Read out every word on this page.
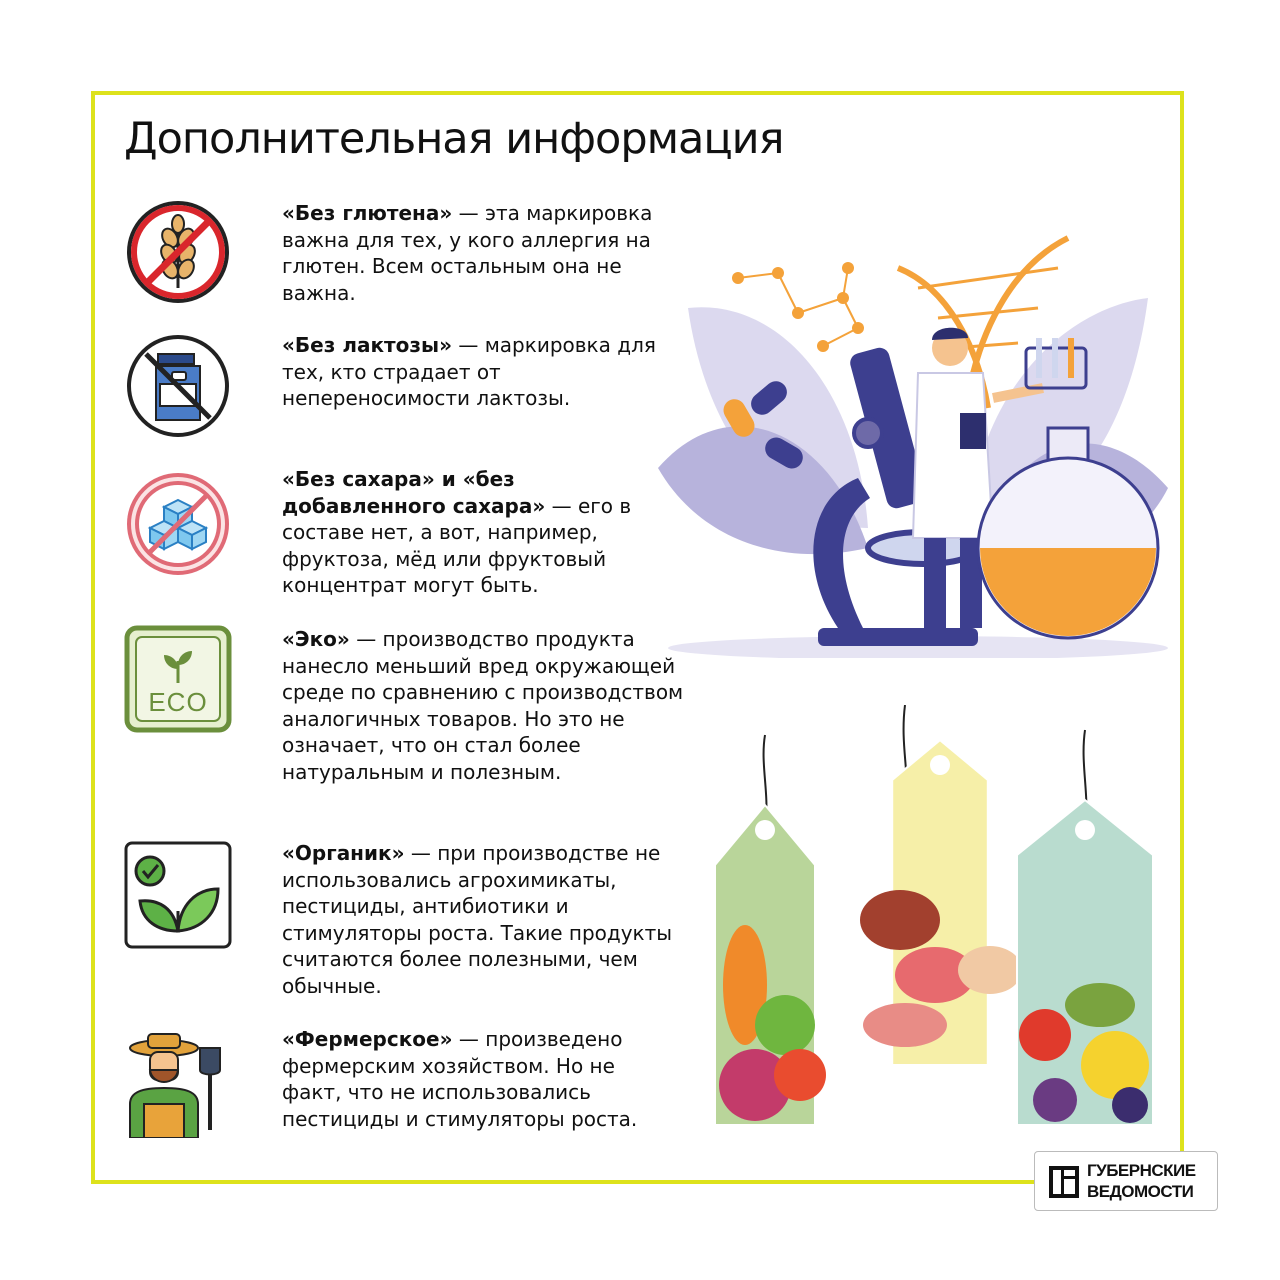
Дополнительная информация
ECO
«Без глютена» — эта маркировка важна для тех, у кого аллергия на глютен. Всем остальным она не важна.
«Без лактозы» — маркировка для тех, кто страдает от непереносимости лактозы.
«Без сахара» и «без добавленного сахара» — его в составе нет, а вот, например, фруктоза, мёд или фруктовый концентрат могут быть.
«Эко» — производство продукта нанесло меньший вред окружающей среде по сравнению с производством аналогичных товаров. Но это не означает, что он стал более натуральным и полезным.
«Органик» — при производстве не использовались агрохимикаты, пестициды, антибиотики и стимуляторы роста. Такие продукты считаются более полезными, чем обычные.
«Фермерское» — произведено фермерским хозяйством. Но не факт, что не использовались пестициды и стимуляторы роста.
ГУБЕРНСКИЕ
ВЕДОМОСТИ
